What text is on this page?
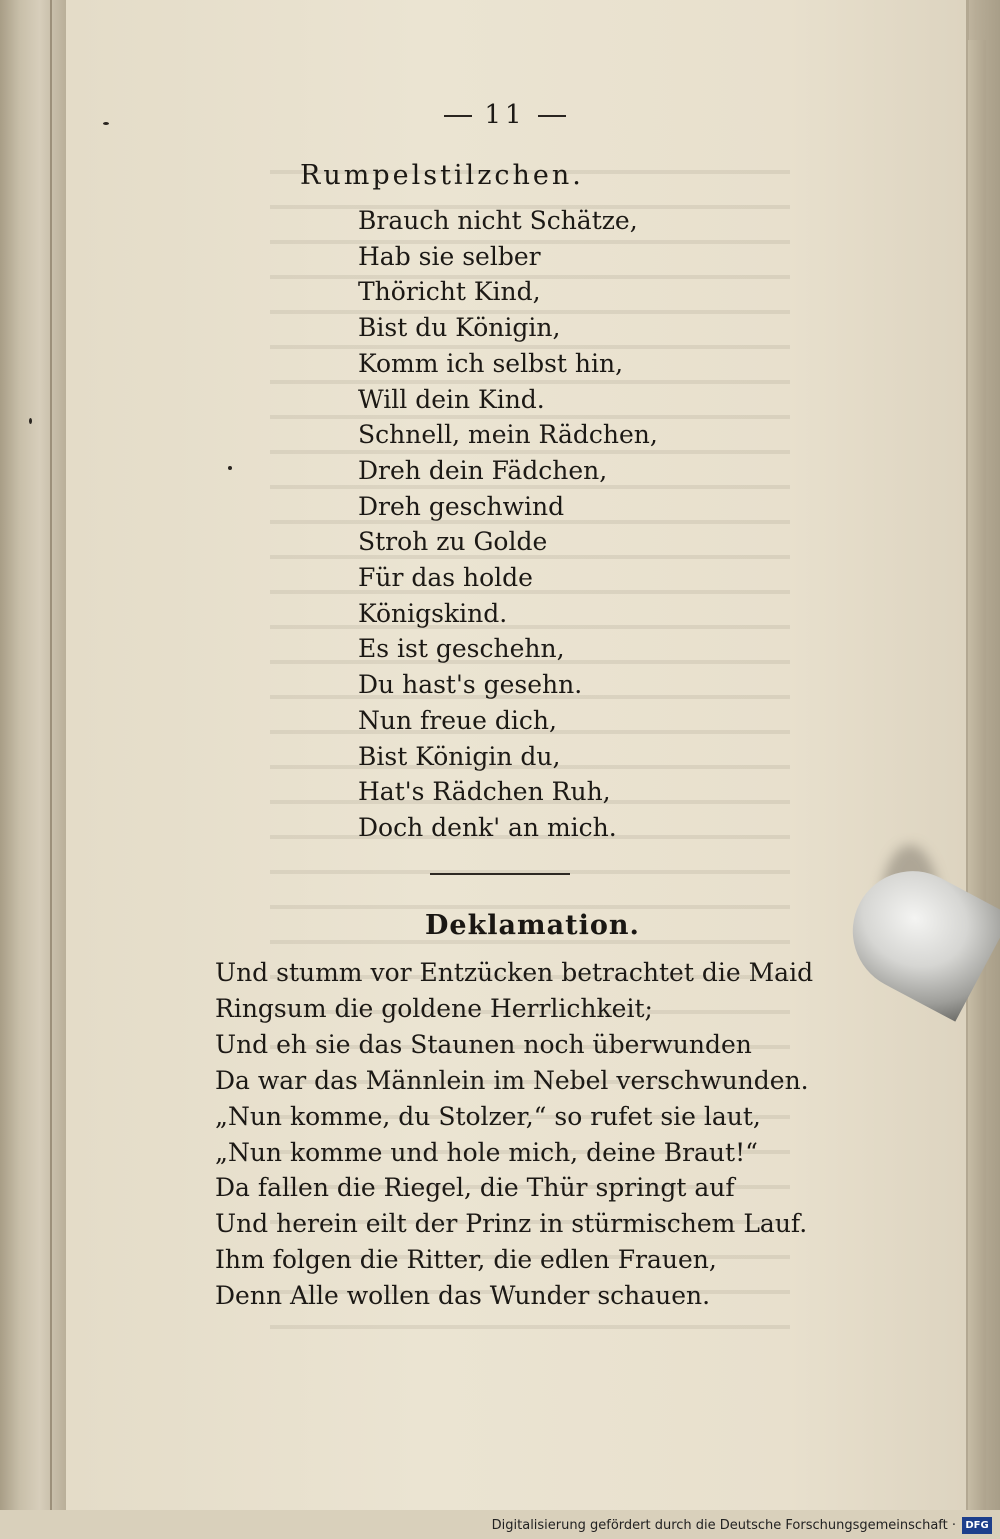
11
Rumpelstilzchen.
Brauch nicht Schätze,
Hab sie selber
Thöricht Kind,
Bist du Königin,
Komm ich selbst hin,
Will dein Kind.
Schnell, mein Rädchen,
Dreh dein Fädchen,
Dreh geschwind
Stroh zu Golde
Für das holde
Königskind.
Es ist geschehn,
Du hast's gesehn.
Nun freue dich,
Bist Königin du,
Hat's Rädchen Ruh,
Doch denk' an mich.
Deklamation.
Und stumm vor Entzücken betrachtet die Maid
Ringsum die goldene Herrlichkeit;
Und eh sie das Staunen noch überwunden
Da war das Männlein im Nebel verschwunden.
„Nun komme, du Stolzer,“ so rufet sie laut,
„Nun komme und hole mich, deine Braut!“
Da fallen die Riegel, die Thür springt auf
Und herein eilt der Prinz in stürmischem Lauf.
Ihm folgen die Ritter, die edlen Frauen,
Denn Alle wollen das Wunder schauen.
Digitalisierung gefördert durch die Deutsche Forschungsgemeinschaft · DFG
